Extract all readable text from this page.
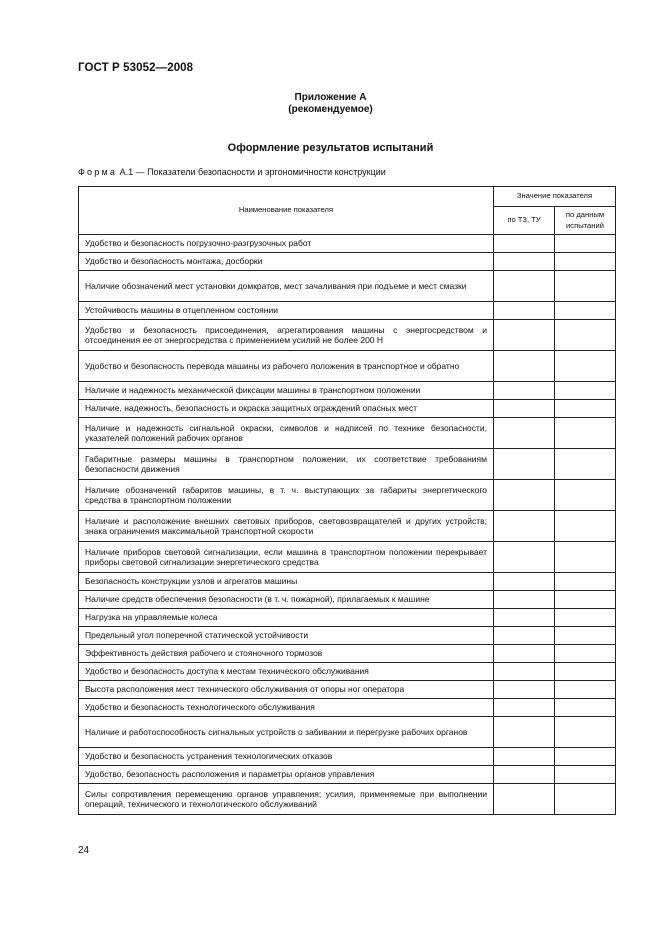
ГОСТ Р 53052—2008
Приложение А
(рекомендуемое)
Оформление результатов испытаний
Форма А.1 — Показатели безопасности и эргономичности конструкции
Наименование показателя	Значение показателя	
	по ТЗ, ТУ	по данным испытаний
Удобство и безопасность погрузочно-разгрузочных работ		
Удобство и безопасность монтажа, досборки		
Наличие обозначений мест установки домкратов, мест зачаливания при подъеме и мест смазки		
Устойчивость машины в отцепленном состоянии		
Удобство и безопасность присоединения, агрегатирования машины с энергосредством и отсоединения ее от энергосредства с применением усилий не более 200 Н		
Удобство и безопасность перевода машины из рабочего положения в транспортное и обратно		
Наличие и надежность механической фиксации машины в транспортном положении		
Наличие, надежность, безопасность и окраска защитных ограждений опасных мест		
Наличие и надежность сигнальной окраски, символов и надписей по технике безопасности, указателей положений рабочих органов		
Габаритные размеры машины в транспортном положении, их соответствие требованиям безопасности движения		
Наличие обозначений габаритов машины, в т. ч. выступающих за габариты энергетического средства в транспортном положении		
Наличие и расположение внешних световых приборов, световозвращателей и других устройств; знака ограничения максимальной транспортной скорости		
Наличие приборов световой сигнализации, если машина в транспортном положении перекрывает приборы световой сигнализации энергетического средства		
Безопасность конструкции узлов и агрегатов машины		
Наличие средств обеспечения безопасности (в т. ч. пожарной), прилагаемых к машине		
Нагрузка на управляемые колеса		
Предельный угол поперечной статической устойчивости		
Эффективность действия рабочего и стояночного тормозов		
Удобство и безопасность доступа к местам технического обслуживания		
Высота расположения мест технического обслуживания от опоры ног оператора		
Удобство и безопасность технологического обслуживания		
Наличие и работоспособность сигнальных устройств о забивании и перегрузке рабочих органов		
Удобство и безопасность устранения технологических отказов		
Удобство, безопасность расположения и параметры органов управления		
Силы сопротивления перемещению органов управления; усилия, применяемые при выполнении операций, технического и технологического обслуживаний		
24
